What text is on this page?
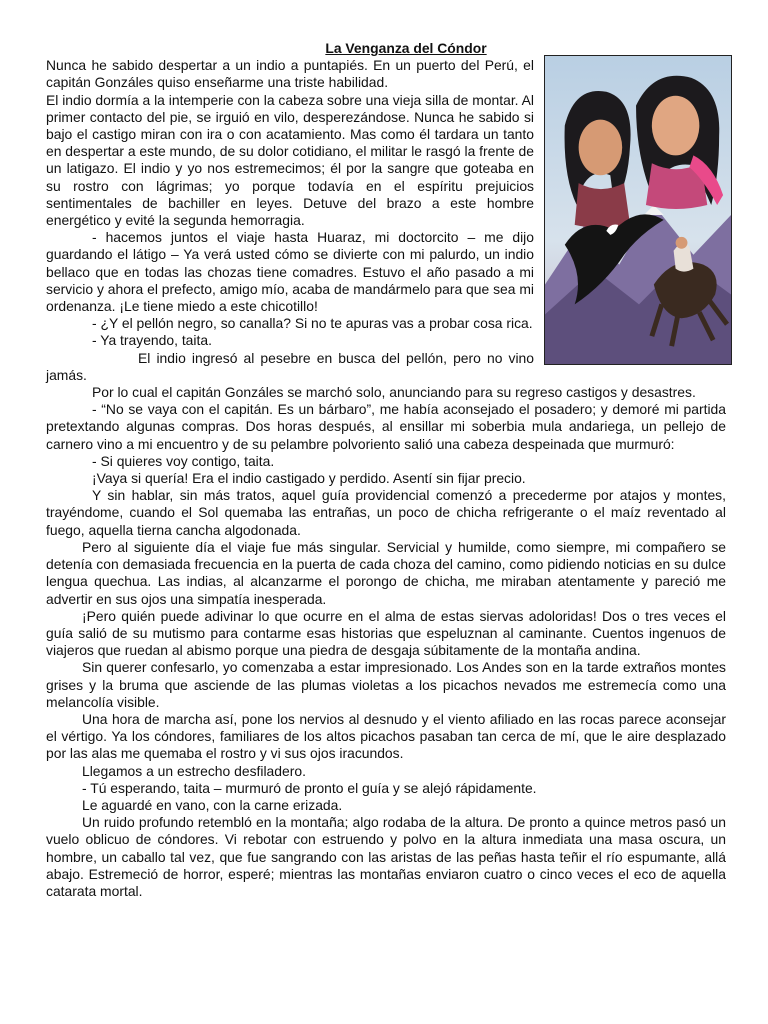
La Venganza del Cóndor

Nunca he sabido despertar a un indio a puntapiés. En un puerto del Perú, el capitán Gonzáles quiso enseñarme una triste habilidad.

El indio dormía a la intemperie con la cabeza sobre una vieja silla de montar. Al primer contacto del pie, se irguió en vilo, desperezándose. Nunca he sabido si bajo el castigo miran con ira o con acatamiento. Mas como él tardara un tanto en despertar a este mundo, de su dolor cotidiano, el militar le rasgó la frente de un latigazo. El indio y yo nos estremecimos; él por la sangre que goteaba en su rostro con lágrimas; yo porque todavía en el espíritu prejuicios sentimentales de bachiller en leyes. Detuve del brazo a este hombre energético y evité la segunda hemorragia.

- hacemos juntos el viaje hasta Huaraz, mi doctorcito – me dijo guardando el látigo – Ya verá usted cómo se divierte con mi palurdo, un indio bellaco que en todas las chozas tiene comadres. Estuvo el año pasado a mi servicio y ahora el prefecto, amigo mío, acaba de mandármelo para que sea mi ordenanza. ¡Le tiene miedo a este chicotillo!

- ¿Y el pellón negro, so canalla? Si no te apuras vas a probar cosa rica.

- Ya trayendo, taita.

El indio ingresó al pesebre en busca del pellón, pero no vino jamás.

Por lo cual el capitán Gonzáles se marchó solo, anunciando para su regreso castigos y desastres.

- “No se vaya con el capitán. Es un bárbaro”, me había aconsejado el posadero; y demoré mi partida pretextando algunas compras. Dos horas después, al ensillar mi soberbia mula andariega, un pellejo de carnero vino a mi encuentro y de su pelambre polvoriento salió una cabeza despeinada que murmuró:

- Si quieres voy contigo, taita.

¡Vaya si quería! Era el indio castigado y perdido. Asentí sin fijar precio.

Y sin hablar, sin más tratos, aquel guía providencial comenzó a precederme por atajos y montes, trayéndome, cuando el Sol quemaba las entrañas, un poco de chicha refrigerante o el maíz reventado al fuego, aquella tierna cancha algodonada.

Pero al siguiente día el viaje fue más singular. Servicial y humilde, como siempre, mi compañero se detenía con demasiada frecuencia en la puerta de cada choza del camino, como pidiendo noticias en su dulce lengua quechua. Las indias, al alcanzarme el porongo de chicha, me miraban atentamente y pareció me advertir en sus ojos una simpatía inesperada.

¡Pero quién puede adivinar lo que ocurre en el alma de estas siervas adoloridas! Dos o tres veces el guía salió de su mutismo para contarme esas historias que espeluznan al caminante. Cuentos ingenuos de viajeros que ruedan al abismo porque una piedra de desgaja súbitamente de la montaña andina.

Sin querer confesarlo, yo comenzaba a estar impresionado. Los Andes son en la tarde extraños montes grises y la bruma que asciende de las plumas violetas a los picachos nevados me estremecía como una melancolía visible.

Una hora de marcha así, pone los nervios al desnudo y el viento afiliado en las rocas parece aconsejar el vértigo. Ya los cóndores, familiares de los altos picachos pasaban tan cerca de mí, que le aire desplazado por las alas me quemaba el rostro y vi sus ojos iracundos.

Llegamos a un estrecho desfiladero.

- Tú esperando, taita – murmuró de pronto el guía y se alejó rápidamente.

Le aguardé en vano, con la carne erizada.

Un ruido profundo retembló en la montaña; algo rodaba de la altura. De pronto a quince metros pasó un vuelo oblicuo de cóndores. Vi rebotar con estruendo y polvo en la altura inmediata una masa oscura, un hombre, un caballo tal vez, que fue sangrando con las aristas de las peñas hasta teñir el río espumante, allá abajo. Estremeció de horror, esperé; mientras las montañas enviaron cuatro o cinco veces el eco de aquella catarata mortal.
